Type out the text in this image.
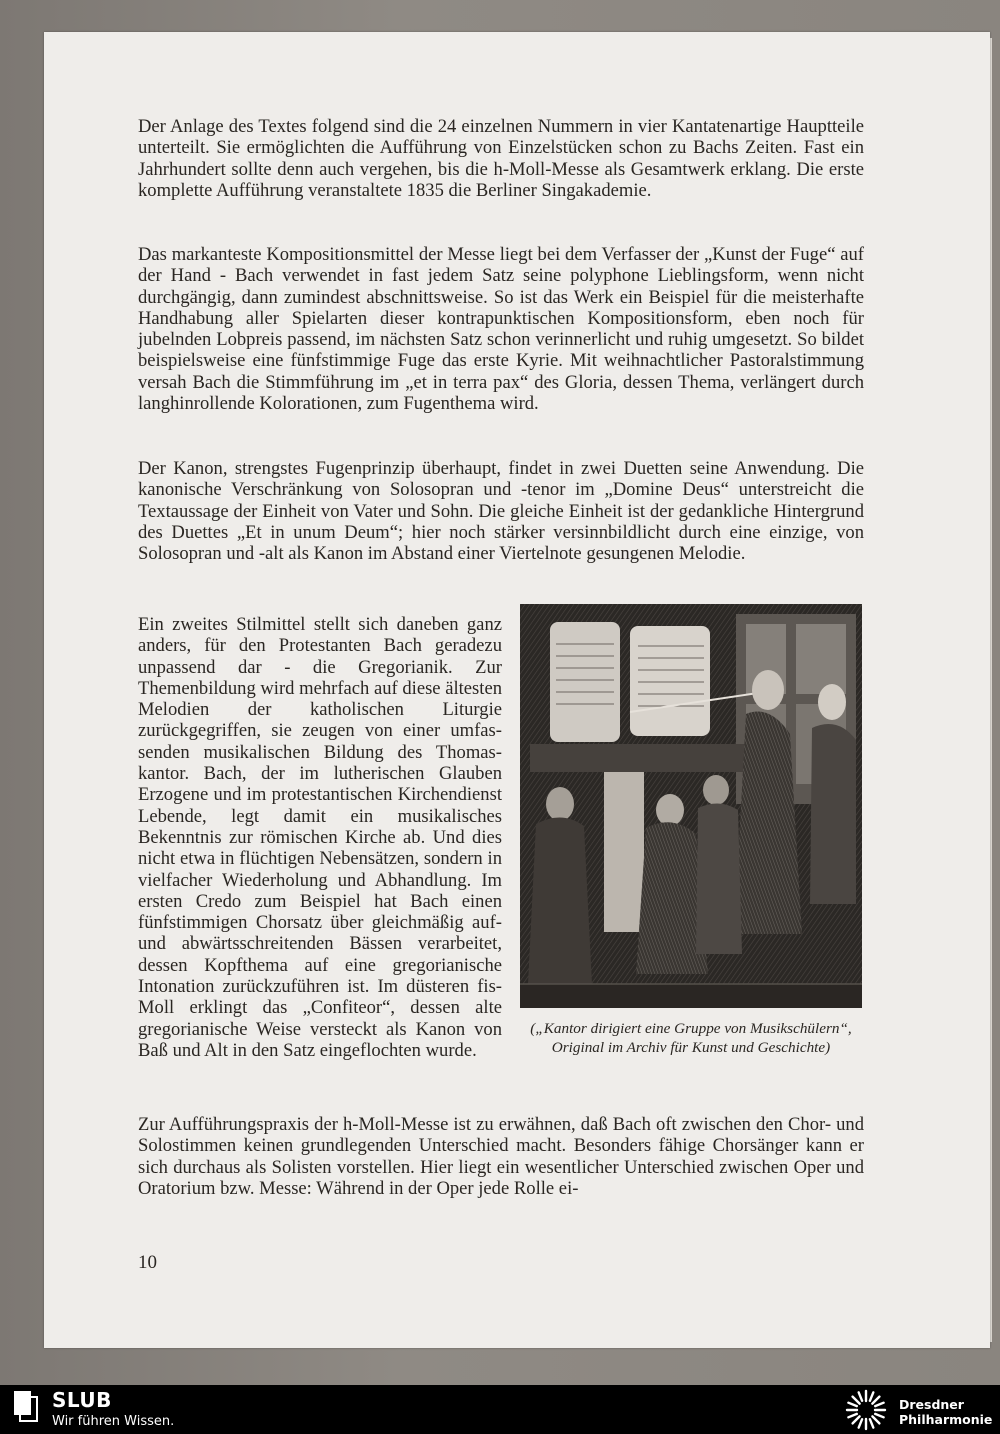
Der Anlage des Textes folgend sind die 24 einzelnen Nummern in vier Kantatenartige Hauptteile unterteilt. Sie ermöglichten die Aufführung von Einzelstücken schon zu Bachs Zeiten. Fast ein Jahrhundert sollte denn auch vergehen, bis die h-Moll-Messe als Gesamtwerk erklang. Die erste komplette Aufführung veranstaltete 1835 die Berliner Singakademie.

Das markanteste Kompositionsmittel der Messe liegt bei dem Verfasser der „Kunst der Fuge“ auf der Hand - Bach verwendet in fast jedem Satz seine polyphone Lieblingsform, wenn nicht durchgängig, dann zumindest abschnittsweise. So ist das Werk ein Beispiel für die meisterhafte Handhabung aller Spielarten dieser kontrapunktischen Kompositionsform, eben noch für jubelnden Lobpreis passend, im nächsten Satz schon verinnerlicht und ruhig umgesetzt. So bildet beispielsweise eine fünfstimmige Fuge das erste Kyrie. Mit weihnachtlicher Pastoralstimmung versah Bach die Stimmführung im „et in terra pax“ des Gloria, dessen Thema, verlängert durch langhinrollende Kolorationen, zum Fugenthema wird.

Der Kanon, strengstes Fugenprinzip überhaupt, findet in zwei Duetten seine Anwendung. Die kanonische Verschränkung von Solosopran und -tenor im „Domine Deus“ unterstreicht die Textaussage der Einheit von Vater und Sohn. Die gleiche Einheit ist der gedankliche Hintergrund des Duettes „Et in unum Deum“; hier noch stärker versinnbildlicht durch eine einzige, von Solosopran und -alt als Kanon im Abstand einer Viertelnote gesungenen Melodie.

Ein zweites Stilmittel stellt sich daneben ganz anders, für den Protestanten Bach geradezu unpassend dar - die Gregorianik. Zur Themenbildung wird mehrfach auf diese ältesten Melodien der katholischen Liturgie zurückgegriffen, sie zeugen von einer umfassenden musikalischen Bildung des Thomaskantor. Bach, der im lutherischen Glauben Erzogene und im protestantischen Kirchendienst Lebende, legt damit ein musikalisches Bekenntnis zur römischen Kirche ab. Und dies nicht etwa in flüchtigen Nebensätzen, sondern in vielfacher Wiederholung und Abhandlung. Im ersten Credo zum Beispiel hat Bach einen fünfstimmigen Chorsatz über gleichmäßig auf- und abwärtsschreitenden Bässen verarbeitet, dessen Kopfthema auf eine gregorianische Intonation zurückzuführen ist. Im düsteren fis-Moll erklingt das „Confiteor“, dessen alte gregorianische Weise versteckt als Kanon von Baß und Alt in den Satz eingeflochten wurde.

(„Kantor dirigiert eine Gruppe von Musikschülern“,
Original im Archiv für Kunst und Geschichte)

Zur Aufführungspraxis der h-Moll-Messe ist zu erwähnen, daß Bach oft zwischen den Chor- und Solostimmen keinen grundlegenden Unterschied macht. Besonders fähige Chorsänger kann er sich durchaus als Solisten vorstellen. Hier liegt ein wesentlicher Unterschied zwischen Oper und Oratorium bzw. Messe: Während in der Oper jede Rolle ei-

10
SLUB
Wir führen Wissen.
Dresdner
Philharmonie
